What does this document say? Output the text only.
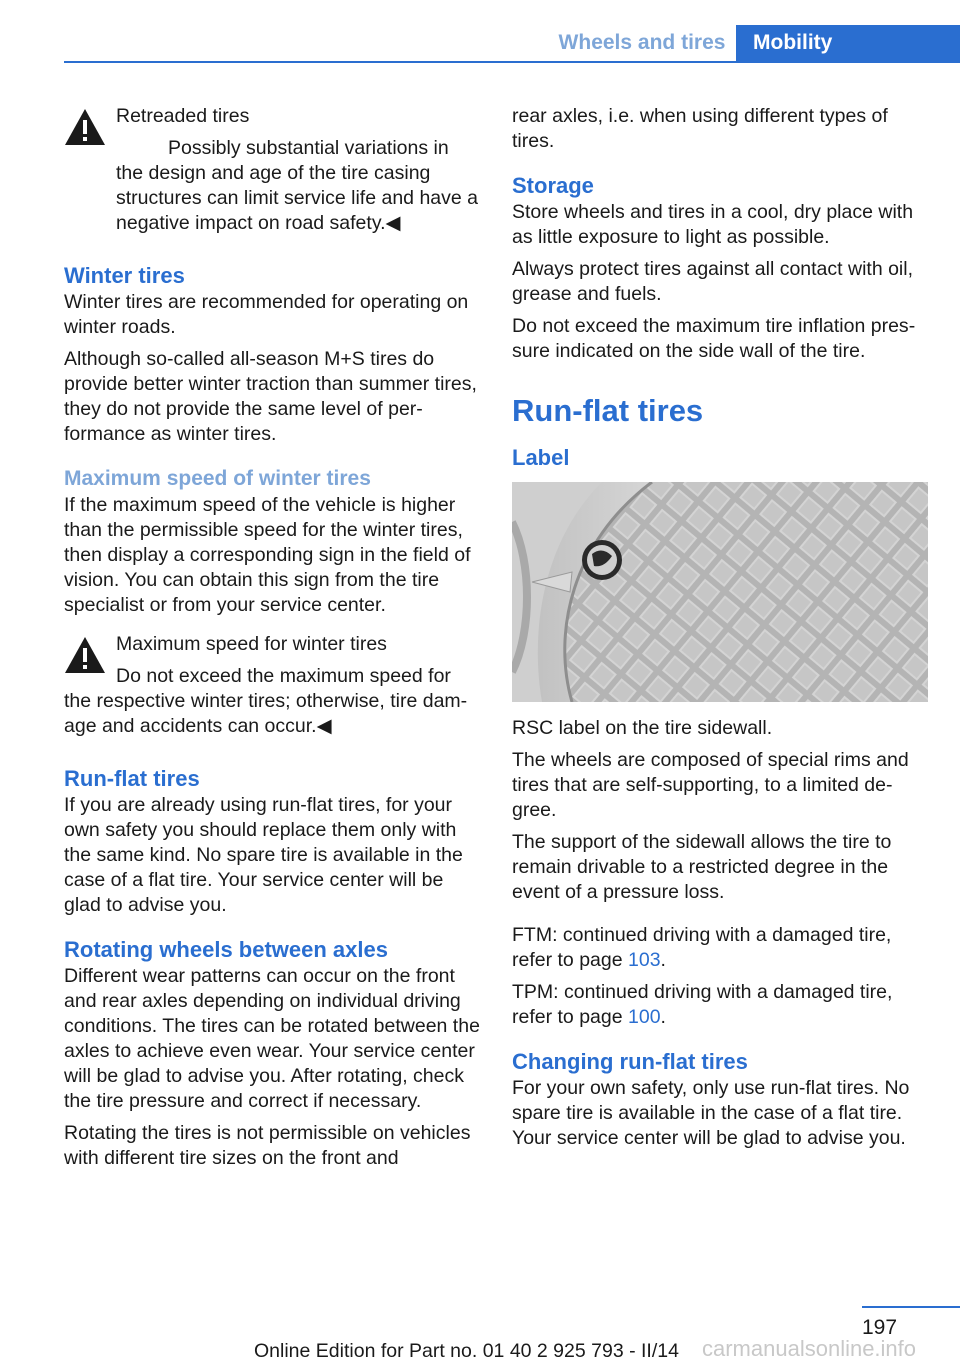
Wheels and tires	Mobility
Retreaded tires

Possibly substantial variations in the design and age of the tire casing structures can limit service life and have a negative impact on road safety.◀

Winter tires

Winter tires are recommended for operating on winter roads.

Although so-called all-season M+S tires do provide better winter traction than summer tires, they do not provide the same level of performance as winter tires.

Maximum speed of winter tires

If the maximum speed of the vehicle is higher than the permissible speed for the winter tires, then display a corresponding sign in the field of vision. You can obtain this sign from the tire specialist or from your service center.

Maximum speed for winter tires

Do not exceed the maximum speed for the respective winter tires; otherwise, tire damage and accidents can occur.◀

Run-flat tires

If you are already using run-flat tires, for your own safety you should replace them only with the same kind. No spare tire is available in the case of a flat tire. Your service center will be glad to advise you.

Rotating wheels between axles

Different wear patterns can occur on the front and rear axles depending on individual driving conditions. The tires can be rotated between the axles to achieve even wear. Your service center will be glad to advise you. After rotating, check the tire pressure and correct if necessary.

Rotating the tires is not permissible on vehicles with different tire sizes on the front and

rear axles, i.e. when using different types of tires.

Storage

Store wheels and tires in a cool, dry place with as little exposure to light as possible.

Always protect tires against all contact with oil, grease and fuels.

Do not exceed the maximum tire inflation pressure indicated on the side wall of the tire.

Run-flat tires
Label

RSC label on the tire sidewall.

The wheels are composed of special rims and tires that are self-supporting, to a limited degree.

The support of the sidewall allows the tire to remain drivable to a restricted degree in the event of a pressure loss.

FTM: continued driving with a damaged tire, refer to page 103.

TPM: continued driving with a damaged tire, refer to page 100.

Changing run-flat tires

For your own safety, only use run-flat tires. No spare tire is available in the case of a flat tire. Your service center will be glad to advise you.

197
Online Edition for Part no. 01 40 2 925 793 - II/14 carmanualsonline.info
